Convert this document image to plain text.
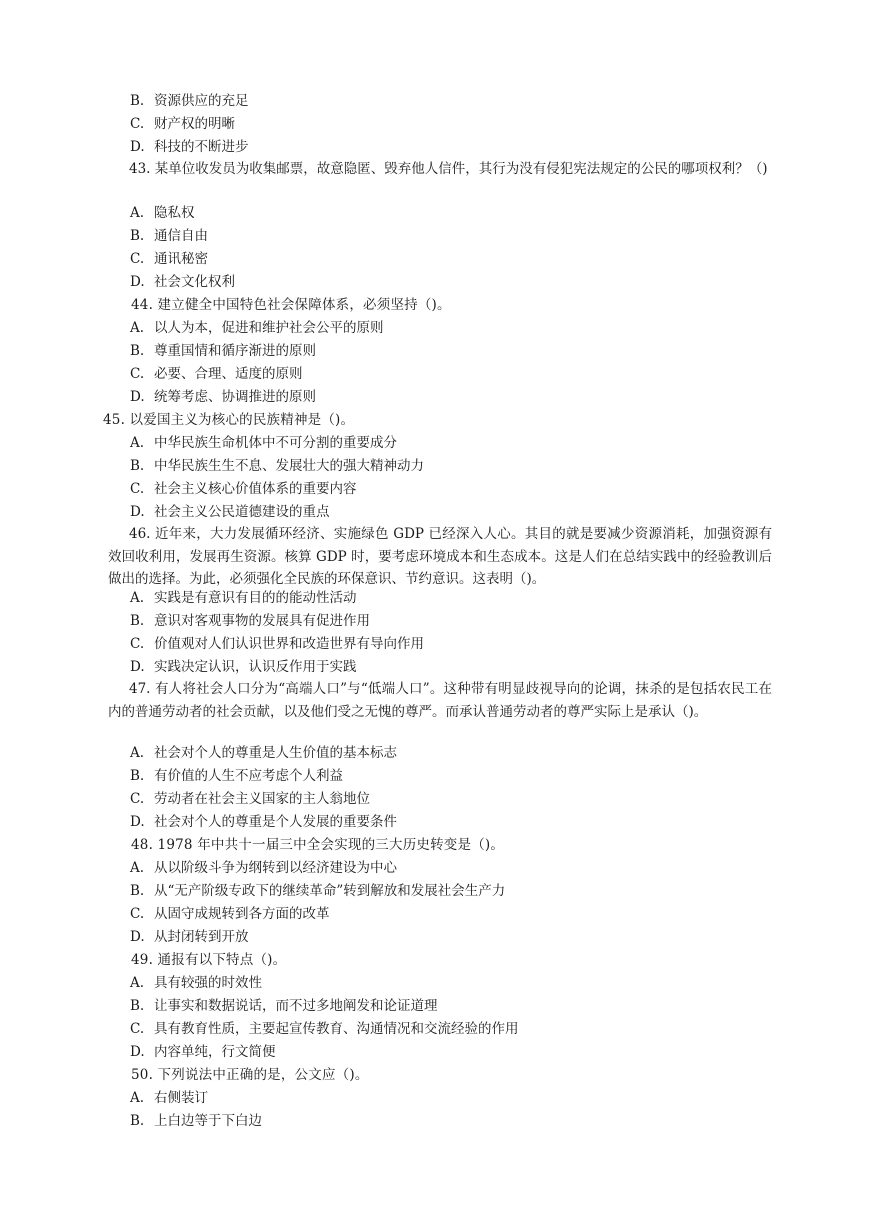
B. 资源供应的充足
C. 财产权的明晰
D. 科技的不断进步
A. 隐私权
B. 通信自由
C. 通讯秘密
D. 社会文化权利
44. 建立健全中国特色社会保障体系，必须坚持（)。
A. 以人为本，促进和维护社会公平的原则
B. 尊重国情和循序渐进的原则
C. 必要、合理、适度的原则
D. 统筹考虑、协调推进的原则
45. 以爱国主义为核心的民族精神是（)。
A. 中华民族生命机体中不可分割的重要成分
B. 中华民族生生不息、发展壮大的强大精神动力
C. 社会主义核心价值体系的重要内容
D. 社会主义公民道德建设的重点
A. 实践是有意识有目的的能动性活动
B. 意识对客观事物的发展具有促进作用
C. 价值观对人们认识世界和改造世界有导向作用
D. 实践决定认识，认识反作用于实践
A. 社会对个人的尊重是人生价值的基本标志
B. 有价值的人生不应考虑个人利益
C. 劳动者在社会主义国家的主人翁地位
D. 社会对个人的尊重是个人发展的重要条件
48. 1978 年中共十一届三中全会实现的三大历史转变是（)。
A. 从以阶级斗争为纲转到以经济建设为中心
B. 从“无产阶级专政下的继续革命”转到解放和发展社会生产力
C. 从固守成规转到各方面的改革
D. 从封闭转到开放
49. 通报有以下特点（)。
A. 具有较强的时效性
B. 让事实和数据说话，而不过多地阐发和论证道理
C. 具有教育性质，主要起宣传教育、沟通情况和交流经验的作用
D. 内容单纯，行文简便
50. 下列说法中正确的是，公文应（)。
A. 右侧装订
B. 上白边等于下白边
43. 某单位收发员为收集邮票，故意隐匿、毁弃他人信件，其行为没有侵犯宪法规定的公民的哪项权利？（)
46. 近年来，大力发展循环经济、实施绿色 GDP 已经深入人心。其目的就是要减少资源消耗，加强资源有效回收利用，发展再生资源。核算 GDP 时，要考虑环境成本和生态成本。这是人们在总结实践中的经验教训后做出的选择。为此，必须强化全民族的环保意识、节约意识。这表明（)。
47. 有人将社会人口分为“高端人口”与“低端人口”。这种带有明显歧视导向的论调，抹杀的是包括农民工在内的普通劳动者的社会贡献，以及他们受之无愧的尊严。而承认普通劳动者的尊严实际上是承认（)。
